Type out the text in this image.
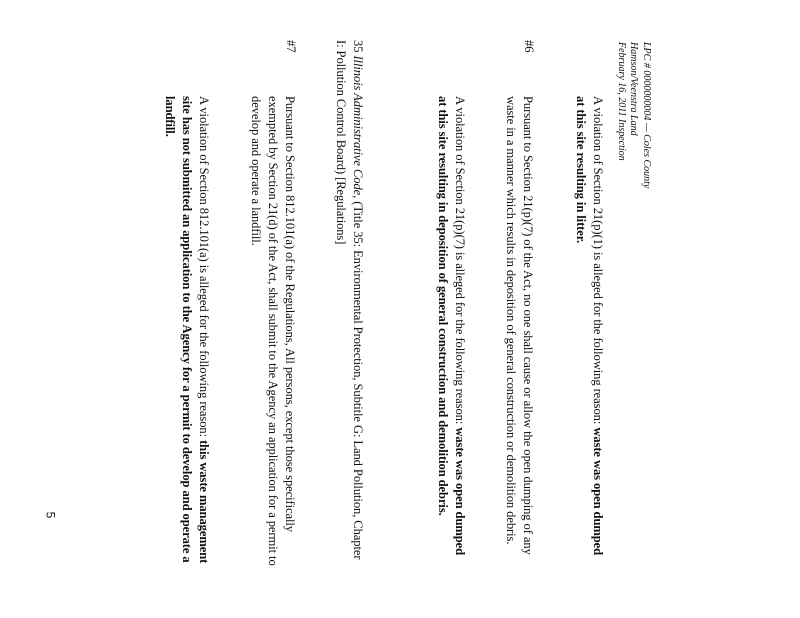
LPC # 0000000004 — Coles County
Hamson/Veenstra Land
February 16, 2011 Inspection
A violation of Section 21(p)(1) is alleged for the following reason: waste was open dumped at this site resulting in litter.
#6
Pursuant to Section 21(p)(7) of the Act, no one shall cause or allow the open dumping of any waste in a manner which results in deposition of general construction or demolition debris.
A violation of Section 21(p)(7) is alleged for the following reason: waste was open dumped at this site resulting in deposition of general construction and demolition debris.
35 Illinois Administrative Code, (Title 35: Environmental Protection, Subtitle G: Land Pollution, Chapter I: Pollution Control Board) [Regulations]
#7
Pursuant to Section 812.101(a) of the Regulations, All persons, except those specifically exempted by Section 21(d) of the Act, shall submit to the Agency an application for a permit to develop and operate a landfill.
A violation of Section 812.101(a) is alleged for the following reason: this waste management site has not submitted an application to the Agency for a permit to develop and operate a landfill.
5
